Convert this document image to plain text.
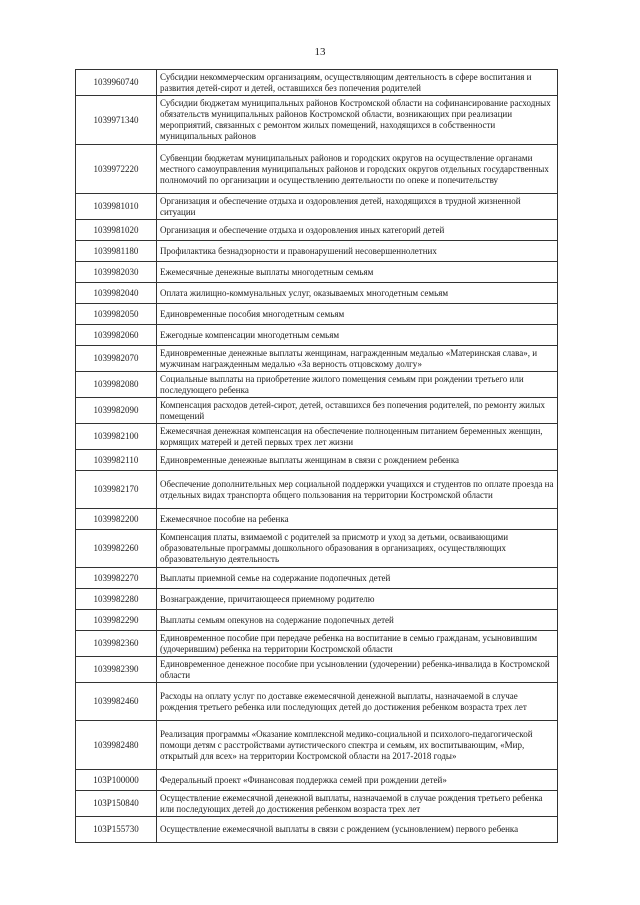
13
1039960740	Субсидии некоммерческим организациям, осуществляющим деятельность в сфере воспитания и развития детей-сирот и детей, оставшихся без попечения родителей
1039971340	Субсидии бюджетам муниципальных районов Костромской области на софинансирование расходных обязательств муниципальных районов Костромской области, возникающих при реализации мероприятий, связанных с ремонтом жилых помещений, находящихся в собственности муниципальных районов
1039972220	Субвенции бюджетам муниципальных районов и городских округов на осуществление органами местного самоуправления муниципальных районов и городских округов отдельных государственных полномочий по организации и осуществлению деятельности по опеке и попечительству
1039981010	Организация и обеспечение отдыха и оздоровления детей, находящихся в трудной жизненной ситуации
1039981020	Организация и обеспечение отдыха и оздоровления иных категорий детей
1039981180	Профилактика безнадзорности и правонарушений несовершеннолетних
1039982030	Ежемесячные денежные выплаты многодетным семьям
1039982040	Оплата жилищно-коммунальных услуг, оказываемых многодетным семьям
1039982050	Единовременные пособия многодетным семьям
1039982060	Ежегодные компенсации многодетным семьям
1039982070	Единовременные денежные выплаты женщинам, награжденным медалью «Материнская слава», и мужчинам награжденным медалью «За верность отцовскому долгу»
1039982080	Социальные выплаты на приобретение жилого помещения семьям при рождении третьего или последующего ребенка
1039982090	Компенсация расходов детей-сирот, детей, оставшихся без попечения родителей, по ремонту жилых помещений
1039982100	Ежемесячная денежная компенсация на обеспечение полноценным питанием беременных женщин, кормящих матерей и детей первых трех лет жизни
1039982110	Единовременные денежные выплаты женщинам в связи с рождением ребенка
1039982170	Обеспечение дополнительных мер социальной поддержки учащихся и студентов по оплате проезда на отдельных видах транспорта общего пользования на территории Костромской области
1039982200	Ежемесячное пособие на ребенка
1039982260	Компенсация платы, взимаемой с родителей за присмотр и уход за детьми, осваивающими образовательные программы дошкольного образования в организациях, осуществляющих образовательную деятельность
1039982270	Выплаты приемной семье на содержание подопечных детей
1039982280	Вознаграждение, причитающееся приемному родителю
1039982290	Выплаты семьям опекунов на содержание подопечных детей
1039982360	Единовременное пособие при передаче ребенка на воспитание в семью гражданам, усыновившим (удочерившим) ребенка на территории Костромской области
1039982390	Единовременное денежное пособие при усыновлении (удочерении) ребенка-инвалида в Костромской области
1039982460	Расходы на оплату услуг по доставке ежемесячной денежной выплаты, назначаемой в случае рождения третьего ребенка или последующих детей до достижения ребенком возраста трех лет
1039982480	Реализация программы «Оказание комплексной медико-социальной и психолого-педагогической помощи детям с расстройствами аутистического спектра и семьям, их воспитывающим, «Мир, открытый для всех» на территории Костромской области на 2017-2018 годы»
103P100000	Федеральный проект «Финансовая поддержка семей при рождении детей»
103P150840	Осуществление ежемесячной денежной выплаты, назначаемой в случае рождения третьего ребенка или последующих детей до достижения ребенком возраста трех лет
103P155730	Осуществление ежемесячной выплаты в связи с рождением (усыновлением) первого ребенка
